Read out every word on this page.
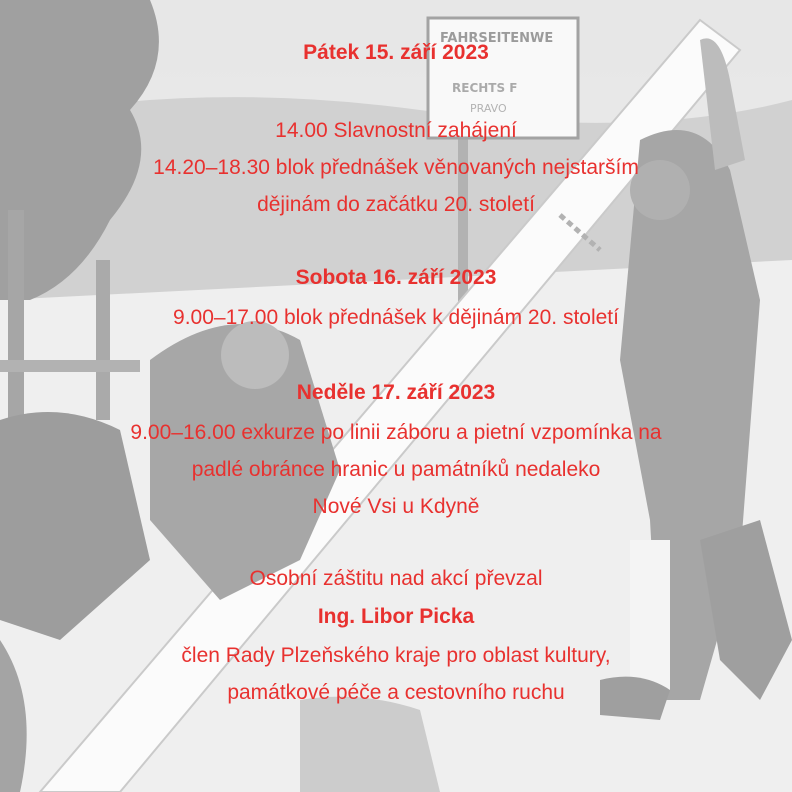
Pátek 15. září 2023

14.00 Slavnostní zahájení

14.20–18.30 blok přednášek věnovaných nejstarším

dějinám do začátku 20. století

Sobota 16. září 2023

9.00–17.00 blok přednášek k dějinám 20. století

Neděle 17. září 2023

9.00–16.00 exkurze po linii záboru a pietní vzpomínka na

padlé obránce hranic u památníků nedaleko

Nové Vsi u Kdyně

Osobní záštitu nad akcí převzal

Ing. Libor Picka

člen Rady Plzeňského kraje pro oblast kultury,

památkové péče a cestovního ruchu
